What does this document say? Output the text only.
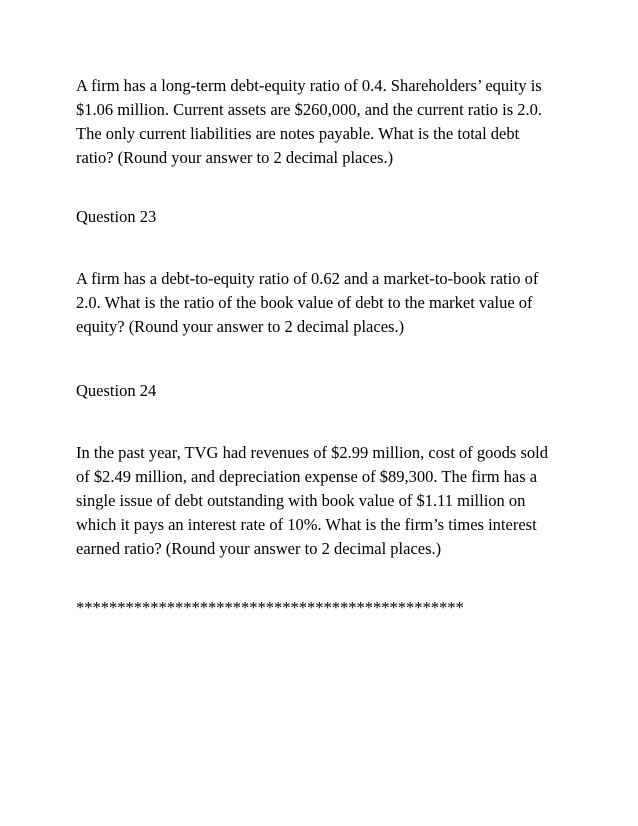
A firm has a long-term debt-equity ratio of 0.4. Shareholders’ equity is
$1.06 million. Current assets are $260,000, and the current ratio is 2.0.
The only current liabilities are notes payable. What is the total debt
ratio? (Round your answer to 2 decimal places.)
Question 23
A firm has a debt-to-equity ratio of 0.62 and a market-to-book ratio of
2.0. What is the ratio of the book value of debt to the market value of
equity? (Round your answer to 2 decimal places.)
Question 24
In the past year, TVG had revenues of $2.99 million, cost of goods sold
of $2.49 million, and depreciation expense of $89,300. The firm has a
single issue of debt outstanding with book value of $1.11 million on
which it pays an interest rate of 10%. What is the firm’s times interest
earned ratio? (Round your answer to 2 decimal places.)
***********************************************
